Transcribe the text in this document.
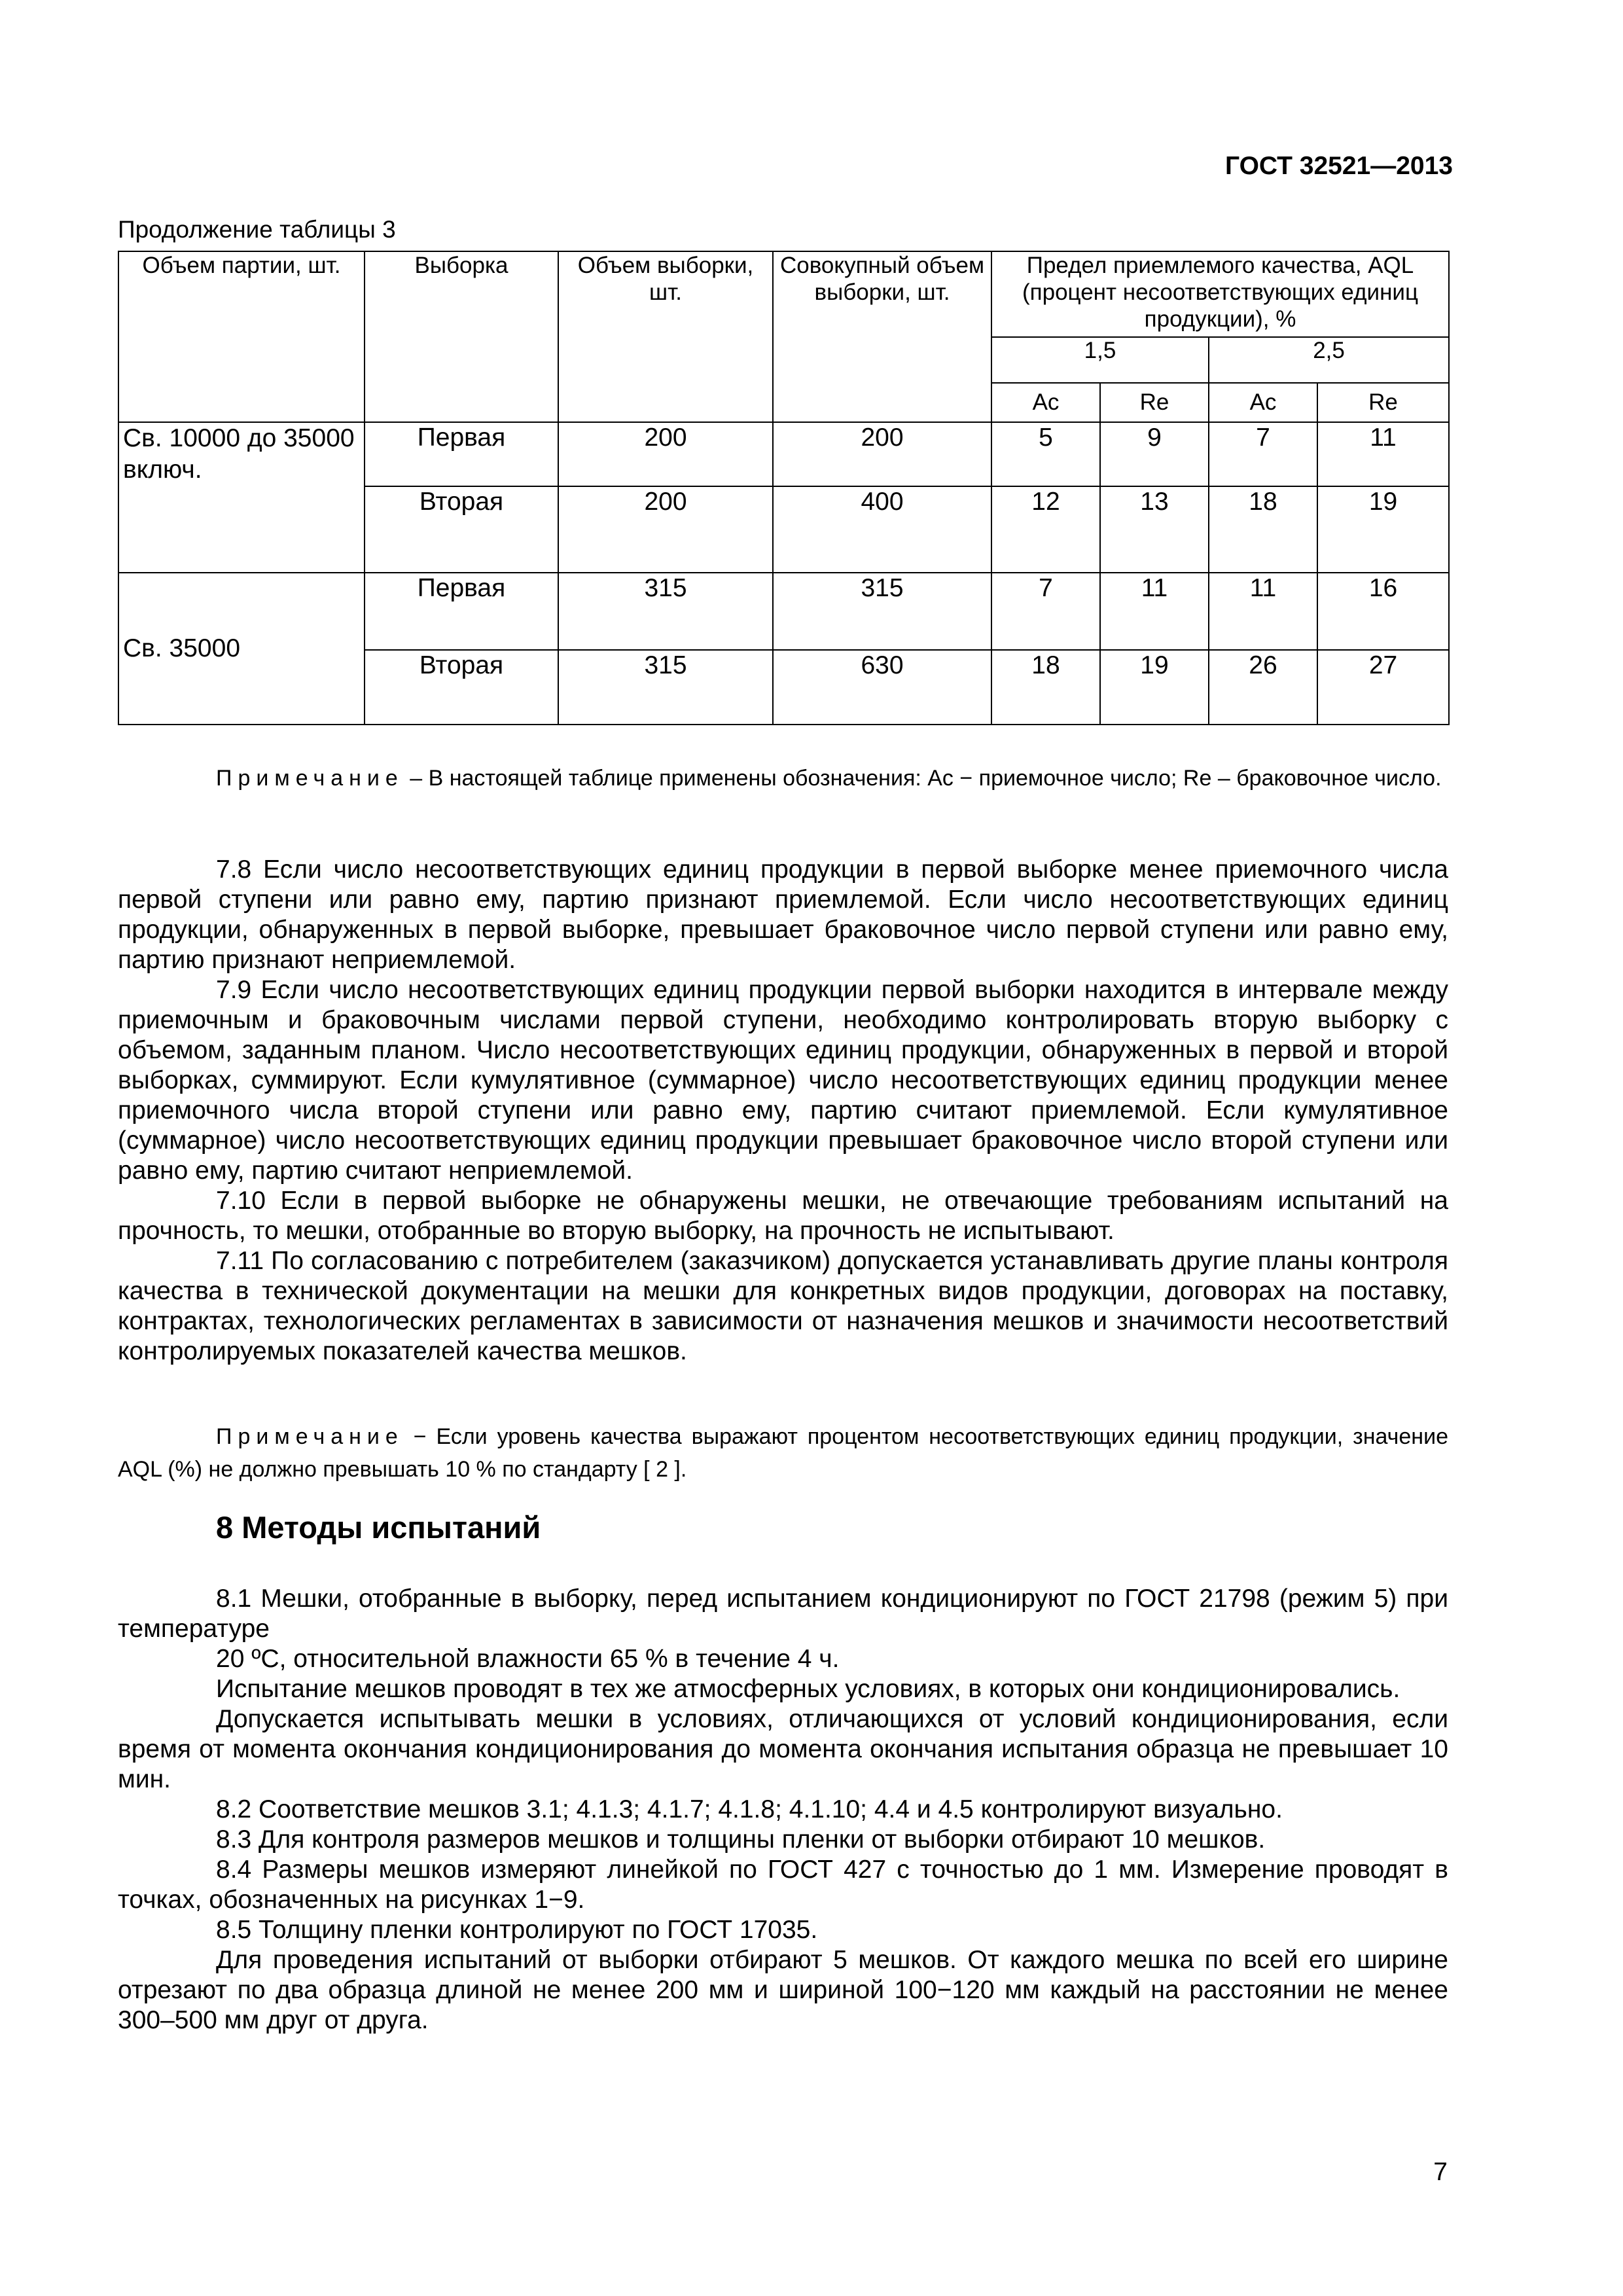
ГОСТ 32521—2013
Продолжение таблицы 3
Объем партии, шт.	Выборка	Объем выборки, шт.	Совокупный объем выборки, шт.	Предел приемлемого качества, AQL (процент несоответствующих единиц продукции), %			
				1,5		2,5	
				Ac	Re	Ac	Re
Св. 10000 до 35000 включ.	Первая	200	200	5	9	7	11
	Вторая	200	400	12	13	18	19
Св. 35000	Первая	315	315	7	11	11	16
	Вторая	315	630	18	19	26	27

Примечание – В настоящей таблице применены обозначения: Ac − приемочное число; Re – браковочное число.

7.8 Если число несоответствующих единиц продукции в первой выборке менее приемочного числа первой ступени или равно ему, партию признают приемлемой. Если число несоответствующих единиц продукции, обнаруженных в первой выборке, превышает браковочное число первой ступени или равно ему, партию признают неприемлемой.

7.9 Если число несоответствующих единиц продукции первой выборки находится в интервале между приемочным и браковочным числами первой ступени, необходимо контролировать вторую выборку с объемом, заданным планом. Число несоответствующих единиц продукции, обнаруженных в первой и второй выборках, суммируют. Если кумулятивное (суммарное) число несоответствующих единиц продукции менее приемочного числа второй ступени или равно ему, партию считают приемлемой. Если кумулятивное (суммарное) число несоответствующих единиц продукции превышает браковочное число второй ступени или равно ему, партию считают неприемлемой.

7.10 Если в первой выборке не обнаружены мешки, не отвечающие требованиям испытаний на прочность, то мешки, отобранные во вторую выборку, на прочность не испытывают.

7.11 По согласованию с потребителем (заказчиком) допускается устанавливать другие планы контроля качества в технической документации на мешки для конкретных видов продукции, договорах на поставку, контрактах, технологических регламентах в зависимости от назначения мешков и значимости несоответствий контролируемых показателей качества мешков.

Примечание − Если уровень качества выражают процентом несоответствующих единиц продукции, значение AQL (%) не должно превышать 10 % по стандарту [ 2 ].

8 Методы испытаний

8.1 Мешки, отобранные в выборку, перед испытанием кондиционируют по ГОСТ 21798 (режим 5) при температуре

20 ºC, относительной влажности 65 % в течение 4 ч.

Испытание мешков проводят в тех же атмосферных условиях, в которых они кондиционировались.

Допускается испытывать мешки в условиях, отличающихся от условий кондиционирования, если время от момента окончания кондиционирования до момента окончания испытания образца не превышает 10 мин.

8.2 Соответствие мешков 3.1; 4.1.3; 4.1.7; 4.1.8; 4.1.10; 4.4 и 4.5 контролируют визуально.

8.3 Для контроля размеров мешков и толщины пленки от выборки отбирают 10 мешков.

8.4 Размеры мешков измеряют линейкой по ГОСТ 427 с точностью до 1 мм. Измерение проводят в точках, обозначенных на рисунках 1−9.

8.5 Толщину пленки контролируют по ГОСТ 17035.

Для проведения испытаний от выборки отбирают 5 мешков. От каждого мешка по всей его ширине отрезают по два образца длиной не менее 200 мм и шириной 100−120 мм каждый на расстоянии не менее 300–500 мм друг от друга.

7
